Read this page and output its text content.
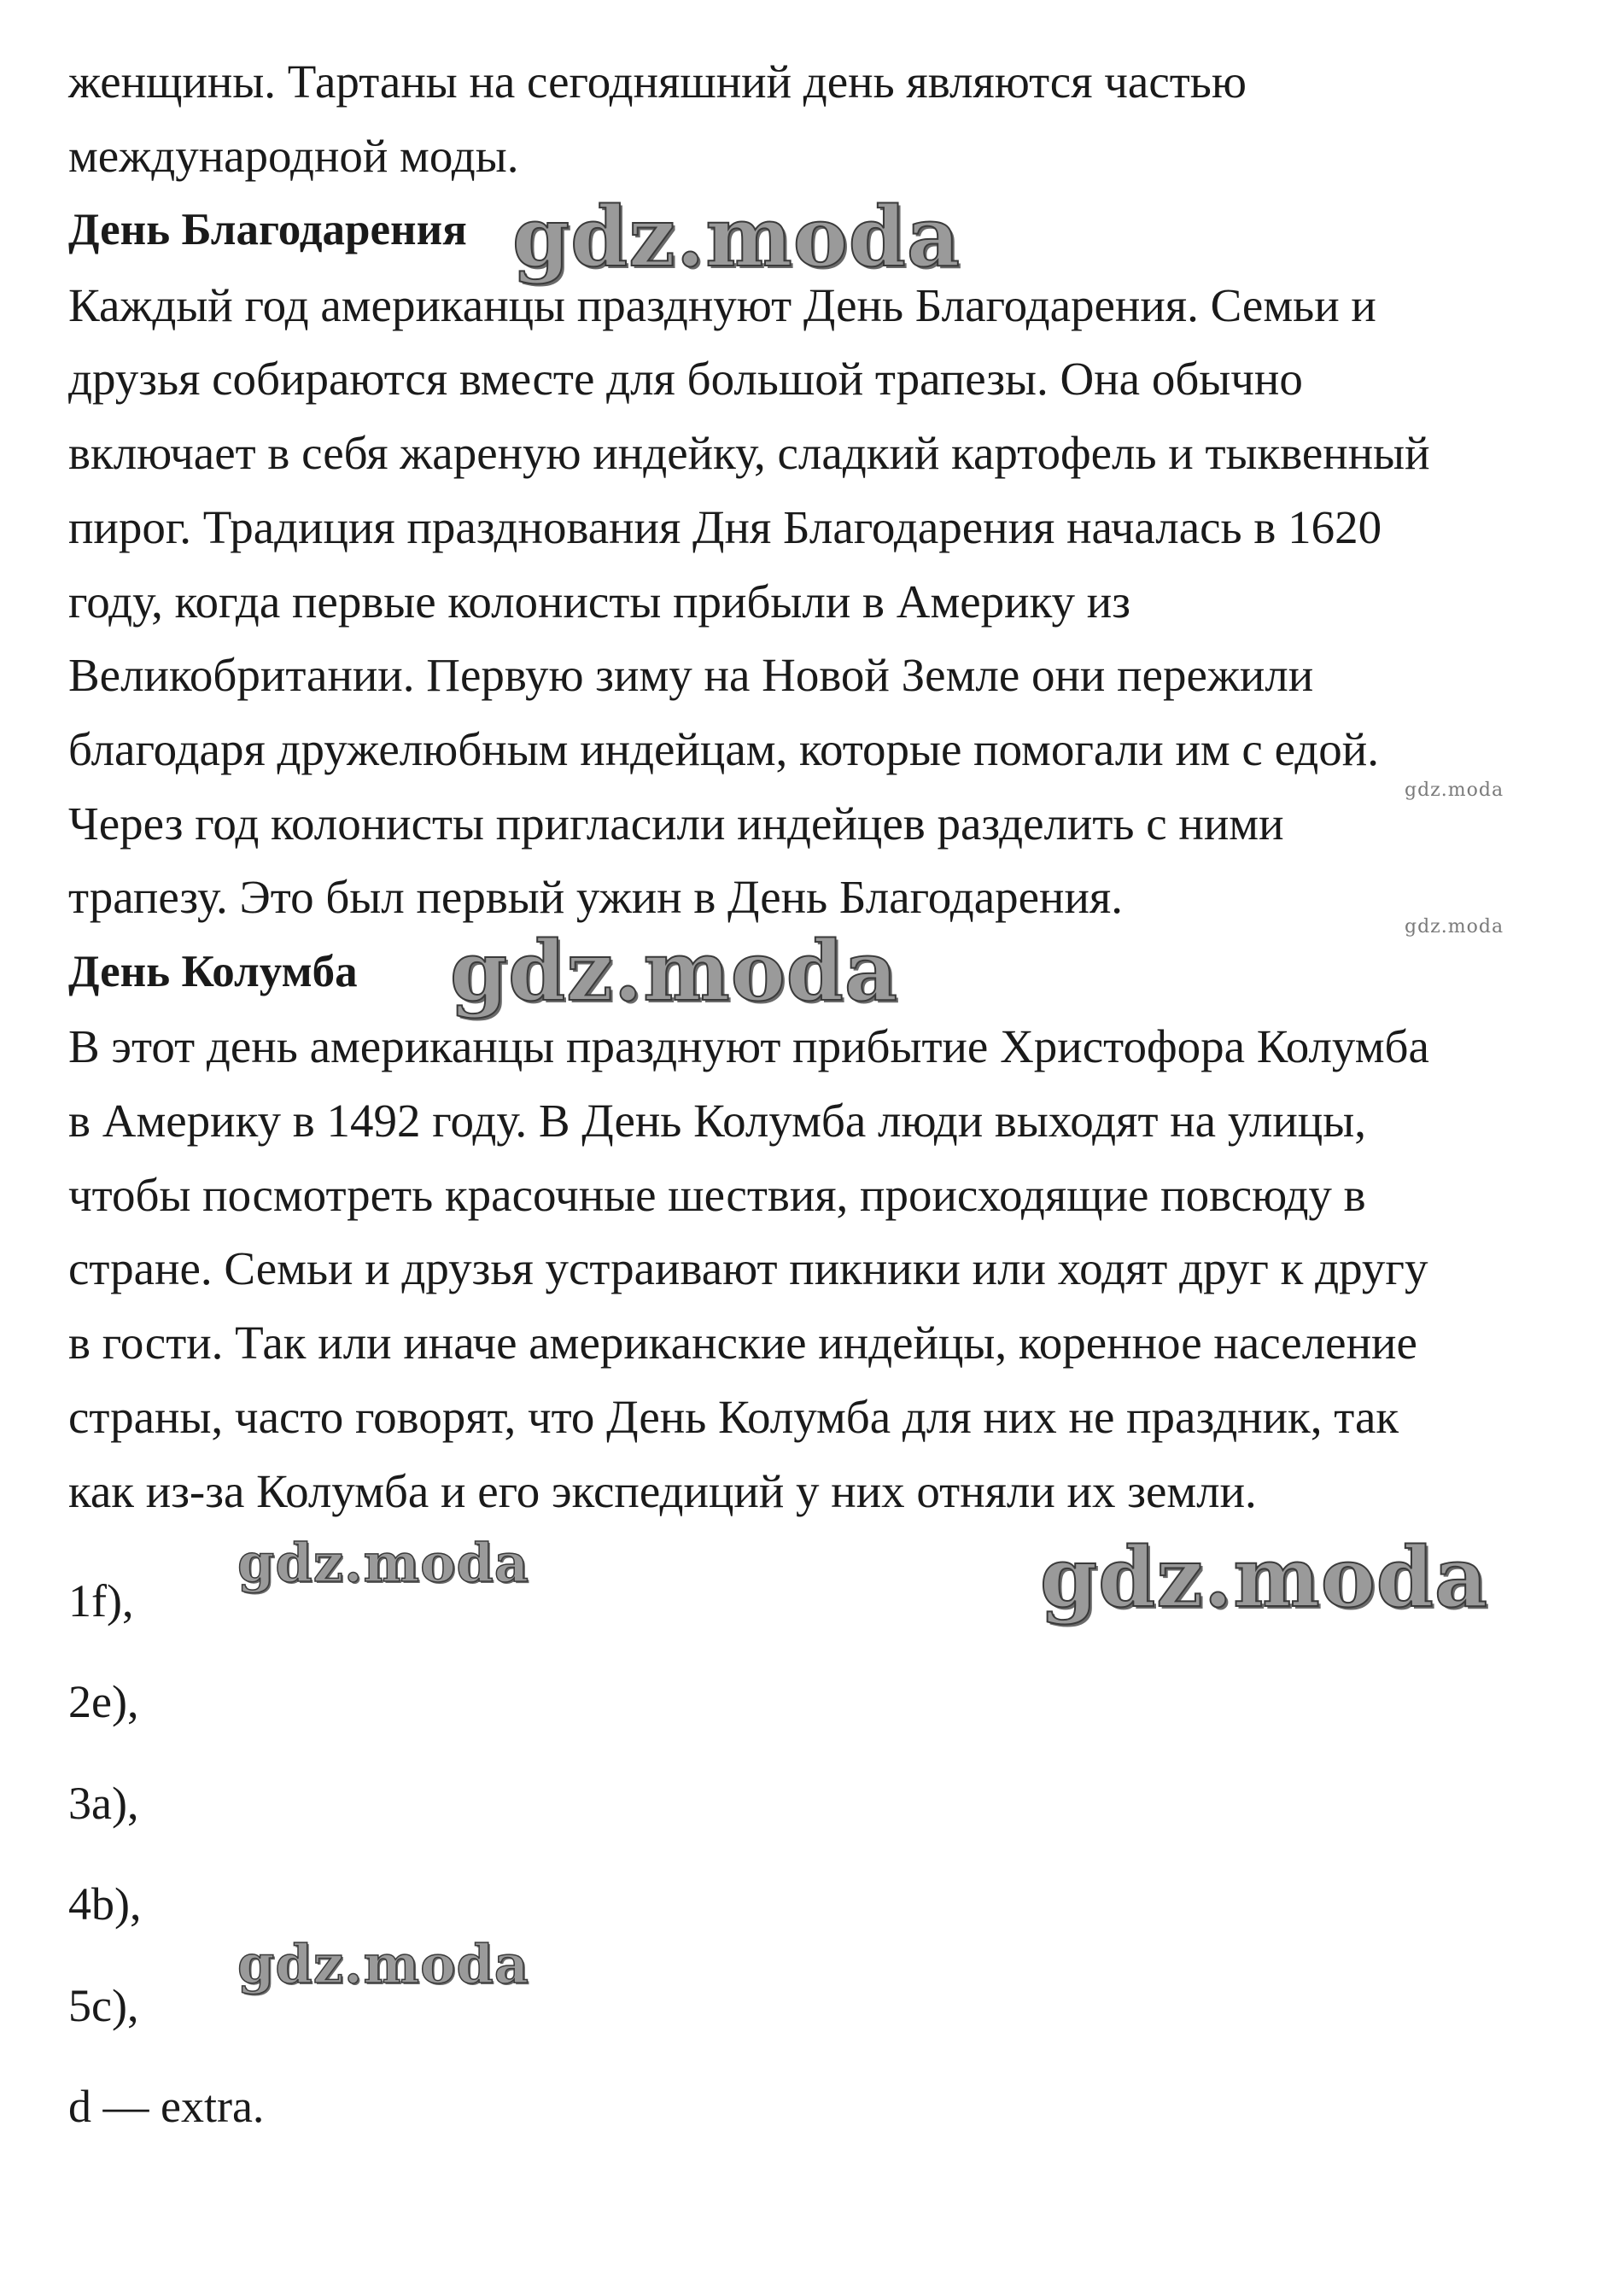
женщины. Тартаны на сегодняшний день являются частью
международной моды.
День Благодарения
Каждый год американцы празднуют День Благодарения. Семьи и
друзья собираются вместе для большой трапезы. Она обычно
включает в себя жареную индейку, сладкий картофель и тыквенный
пирог. Традиция празднования Дня Благодарения началась в 1620
году, когда первые колонисты прибыли в Америку из
Великобритании. Первую зиму на Новой Земле они пережили
благодаря дружелюбным индейцам, которые помогали им с едой.
Через год колонисты пригласили индейцев разделить с ними
трапезу. Это был первый ужин в День Благодарения.
День Колумба
В этот день американцы празднуют прибытие Христофора Колумба
в Америку в 1492 году. В День Колумба люди выходят на улицы,
чтобы посмотреть красочные шествия, происходящие повсюду в
стране. Семьи и друзья устраивают пикники или ходят друг к другу
в гости. Так или иначе американские индейцы, коренное население
страны, часто говорят, что День Колумба для них не праздник, так
как из-за Колумба и его экспедиций у них отняли их земли.
1f),
2e),
3a),
4b),
5c),
d — extra.
gdz.moda
gdz.moda
gdz.moda
gdz.moda
gdz.moda	gdz.moda
gdz.moda
